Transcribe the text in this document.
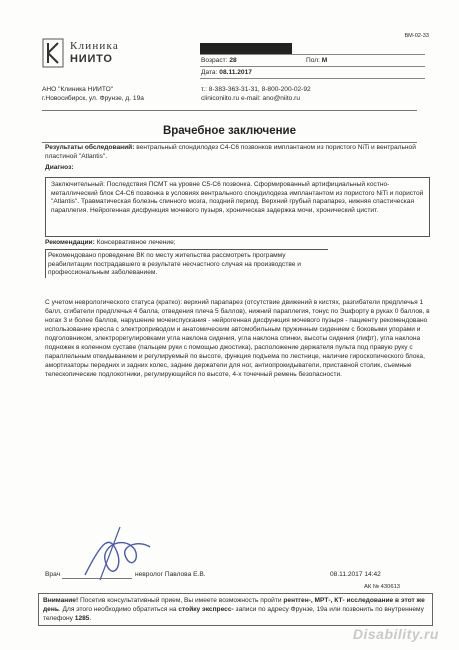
ВМ-02-33
Клиника
НИИТО	Возраст: 28	Пол: М
Дата: 08.11.2017
АНО "Клиника НИИТО"
г.Новосибирск, ул. Фрунзе, д. 19а
т.: 8-383-363-31-31, 8-800-200-02-92
cliniconiito.ru e-mail: ano@niito.ru
Врачебное заключение
Результаты обследований: вентральный спондилодез С4-С6 позвонков имплантаном из пористого NiTi и вентральной пластиной "Atlantis".
Диагноз:
Заключительный: Последствия ПСМТ на уровне С5-С6 позвонка. Сформированный артифициальный костно-металлический блок С4-С6 позвонка в условиях вентрального спондилодеза имплантантом из пористого NiTi и пористой "Atlantis". Травматическая болезнь спинного мозга, поздний период. Верхний грубый парапарез, нижняя спастическая параплегия. Нейрогенная дисфункция мочевого пузыря, хроническая задержка мочи, хронический цистит.
Рекомендации: Консервативное лечение;
Рекомендовано проведение ВК по месту жительства рассмотреть программу реабилитации пострадавшего в результате несчастного случая на производстве и профессиональным заболеванием.
С учетом неврологического статуса (кратко): верхний парапарез (отсутствие движений в кистях, разгибатели предплечья 1 балл, сгибатели предплечья 4 балла, отведения плеча 5 баллов), нижний параплегия, тонус по Эшфорту в руках 0 баллов, в ногах 3 и более баллов, нарушение мочеиспускания - нейрогенная дисфункция мочевого пузыря - пациенту рекомендовано использование кресла с электроприводом и анатомическим автомобильным пружинным сидением с боковыми упорами и подголовником, электрорегулировками угла наклона сидения, угла наклона спинки, высоты сидения (лифт), угла наклона подножек в коленном суставе (пальцем руки с помощью джостика), расположение держателя пульта под правую руку с параллельным откидыванием и регулируемый по высоте, функция подъема по лестнице, наличие гироскопического блока, амортизаторы передних и задних колес, задние держатели для ног, антиопрокидыватели, приставной столик, съемные телескопические подлокотники, регулирующийся по высоте, 4-х точечный ремень безопасности.
Врач	невролог Павлова Е.В.	08.11.2017 14:42
АК № 430613
Внимание! Посетив консультативный прием, Вы имеете возможность пройти рентген-, МРТ-, КТ- исследование в этот же день. Для этого необходимо обратиться на стойку экспресс- записи по адресу Фрунзе, 19а или позвонить по внутреннему телефону 1285.
Disability.ru
